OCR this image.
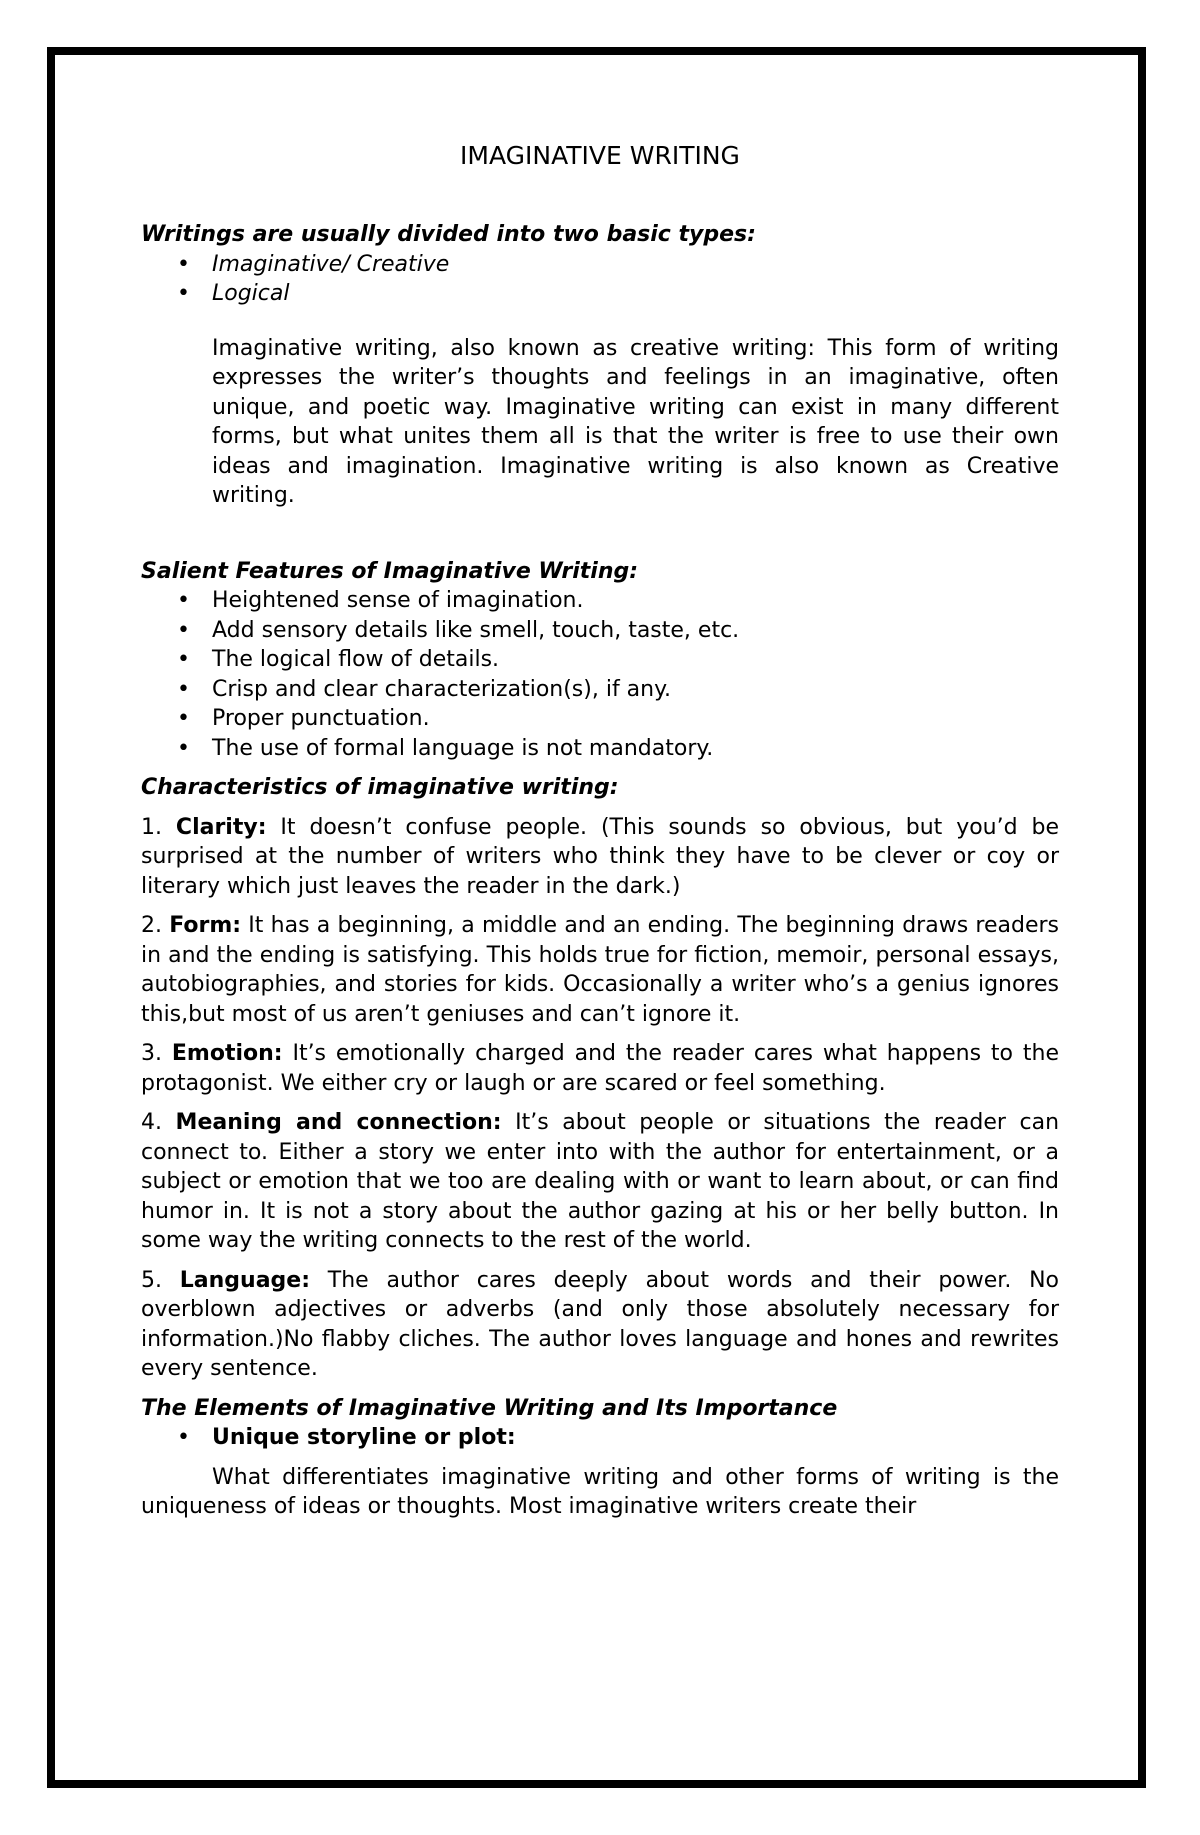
IMAGINATIVE WRITING

Writings are usually divided into two basic types:

• Imaginative/ Creative
• Logical

Imaginative writing, also known as creative writing: This form of writing expresses the writer’s thoughts and feelings in an imaginative, often unique, and poetic way. Imaginative writing can exist in many different forms, but what unites them all is that the writer is free to use their own ideas and imagination. Imaginative writing is also known as Creative writing.

Salient Features of Imaginative Writing:

• Heightened sense of imagination.
• Add sensory details like smell, touch, taste, etc.
• The logical flow of details.
• Crisp and clear characterization(s), if any.
• Proper punctuation.
• The use of formal language is not mandatory.

Characteristics of imaginative writing:

1. Clarity: It doesn’t confuse people. (This sounds so obvious, but you’d be surprised at the number of writers who think they have to be clever or coy or literary which just leaves the reader in the dark.)

2. Form: It has a beginning, a middle and an ending. The beginning draws readers in and the ending is satisfying. This holds true for fiction, memoir, personal essays, autobiographies, and stories for kids. Occasionally a writer who’s a genius ignores this,but most of us aren’t geniuses and can’t ignore it.

3. Emotion: It’s emotionally charged and the reader cares what happens to the protagonist. We either cry or laugh or are scared or feel something.

4. Meaning and connection: It’s about people or situations the reader can connect to. Either a story we enter into with the author for entertainment, or a subject or emotion that we too are dealing with or want to learn about, or can find humor in. It is not a story about the author gazing at his or her belly button. In some way the writing connects to the rest of the world.

5. Language: The author cares deeply about words and their power. No overblown adjectives or adverbs (and only those absolutely necessary for information.)No flabby cliches. The author loves language and hones and rewrites every sentence.

The Elements of Imaginative Writing and Its Importance

• Unique storyline or plot:

What differentiates imaginative writing and other forms of writing is the uniqueness of ideas or thoughts. Most imaginative writers create their
